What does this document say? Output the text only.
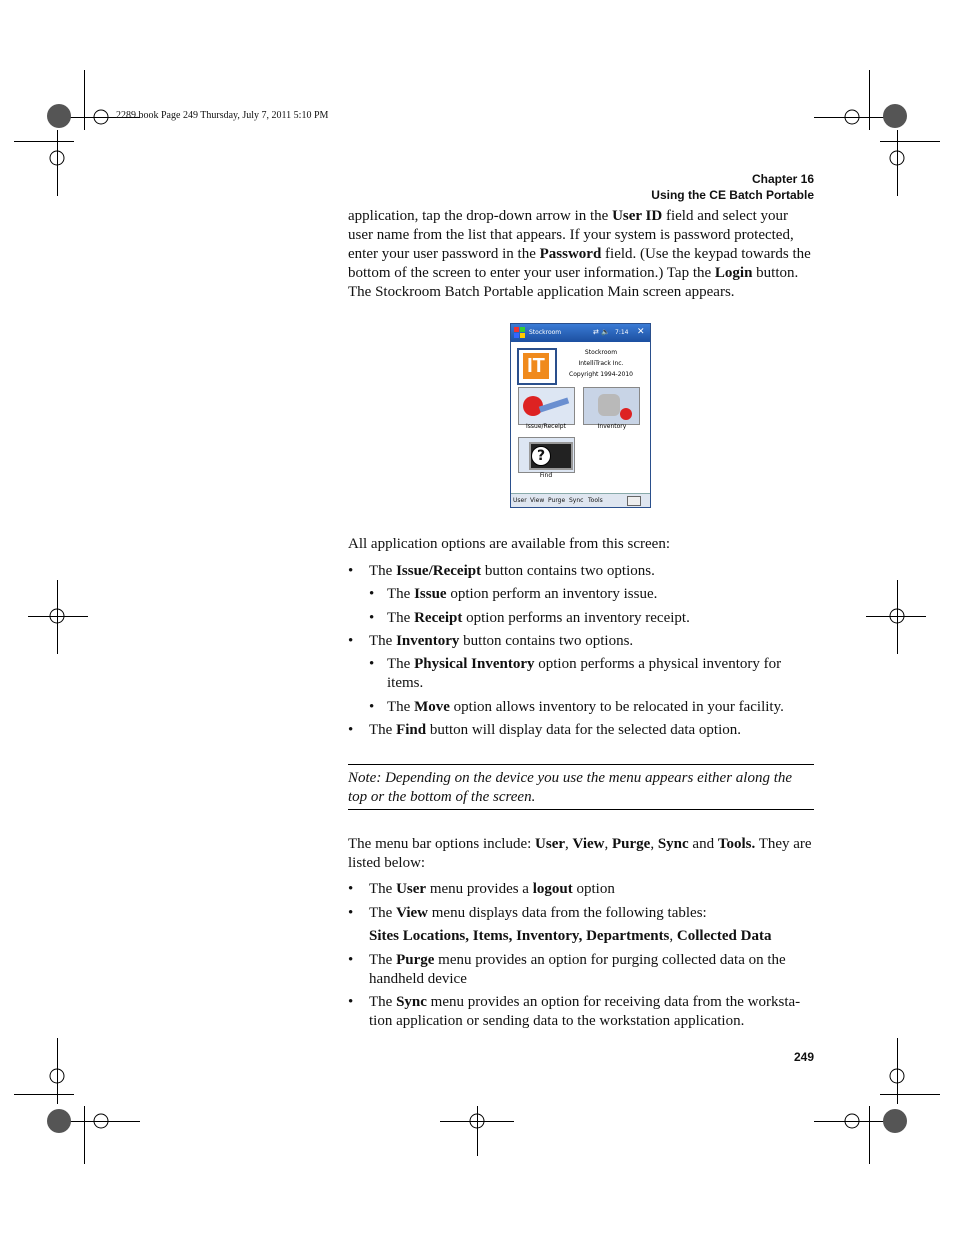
2289.book Page 249 Thursday, July 7, 2011 5:10 PM
Chapter 16
Using the CE Batch Portable

application, tap the drop-down arrow in the User ID field and select your user name from the list that appears. If your system is password protected, enter your user password in the Password field. (Use the keypad towards the bottom of the screen to enter your user information.) Tap the Login button. The Stockroom Batch Portable application Main screen appears.

Stockroom	⇄ 🔈 7:14 ✕
IT
Stockroom
IntelliTrack Inc.
Copyright 1994-2010
Issue/Receipt	Inventory
?
Find
User View Purge Sync Tools
All application options are available from this screen:
• The Issue/Receipt button contains two options.
• The Issue option perform an inventory issue.
• The Receipt option performs an inventory receipt.
• The Inventory button contains two options.
• The Physical Inventory option performs a physical inventory for items.
• The Move option allows inventory to be relocated in your facility.
• The Find button will display data for the selected data option.
Note: Depending on the device you use the menu appears either along the top or the bottom of the screen.

The menu bar options include: User, View, Purge, Sync and Tools. They are listed below:

• The User menu provides a logout option
• The View menu displays data from the following tables:
Sites Locations, Items, Inventory, Departments, Collected Data
• The Purge menu provides an option for purging collected data on the handheld device
• The Sync menu provides an option for receiving data from the worksta-tion application or sending data to the workstation application.
249
